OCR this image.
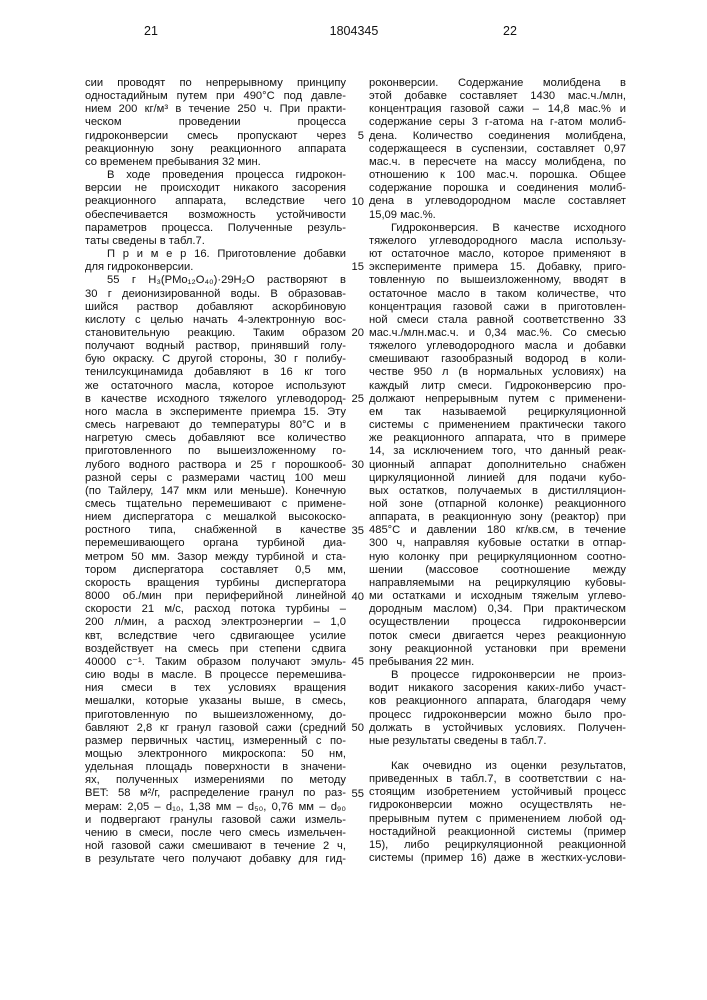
21	1804345	22
сии проводят по непрерывному принципу
одностадийным путем при 490°С под давле-
нием 200 кг/м³ в течение 250 ч. При практи-
ческом проведении процесса
гидроконверсии смесь пропускают через
реакционную зону реакционного аппарата
со временем пребывания 32 мин.
В ходе проведения процесса гидрокон-
версии не происходит никакого засорения
реакционного аппарата, вследствие чего
обеспечивается возможность устойчивости
параметров процесса. Полученные резуль-
таты сведены в табл.7.
П р и м е р 16. Приготовление добавки
для гидроконверсии.
55 г H₃(PMo₁₂O₄₀)·29H₂O растворяют в
30 г деионизированной воды. В образовав-
шийся раствор добавляют аскорбиновую
кислоту с целью начать 4-электронную вос-
становительную реакцию. Таким образом
получают водный раствор, принявший голу-
бую окраску. С другой стороны, 30 г полибу-
тенилсукцинамида добавляют в 16 кг того
же остаточного масла, которое используют
в качестве исходного тяжелого углеводород-
ного масла в эксперименте приемра 15. Эту
смесь нагревают до температуры 80°С и в
нагретую смесь добавляют все количество
приготовленного по вышеизложенному го-
лубого водного раствора и 25 г порошкооб-
разной серы с размерами частиц 100 меш
(по Тайлеру, 147 мкм или меньше). Конечную
смесь тщательно перемешивают с примене-
нием диспергатора с мешалкой высокоско-
ростного типа, снабженной в качестве
перемешивающего органа турбиной диа-
метром 50 мм. Зазор между турбиной и ста-
тором диспергатора составляет 0,5 мм,
скорость вращения турбины диспергатора
8000 об./мин при периферийной линейной
скорости 21 м/с, расход потока турбины –
200 л/мин, а расход электроэнергии – 1,0
квт, вследствие чего сдвигающее усилие
воздействует на смесь при степени сдвига
40000 с⁻¹. Таким образом получают эмуль-
сию воды в масле. В процессе перемешива-
ния смеси в тех условиях вращения
мешалки, которые указаны выше, в смесь,
приготовленную по вышеизложенному, до-
бавляют 2,8 кг гранул газовой сажи (средний
размер первичных частиц, измеренный с по-
мощью электронного микроскопа: 50 нм,
удельная площадь поверхности в значени-
ях, полученных измерениями по методу
BET: 58 м²/г, распределение гранул по раз-
мерам: 2,05 – d₁₀, 1,38 мм – d₅₀, 0,76 мм – d₉₀
и подвергают гранулы газовой сажи измель-
чению в смеси, после чего смесь измельчен-
ной газовой сажи смешивают в течение 2 ч,
в результате чего получают добавку для гид-
5
10
15
20
25
30
35
40
45
50
55
роконверсии. Содержание молибдена в
этой добавке составляет 1430 мас.ч./млн,
концентрация газовой сажи – 14,8 мас.% и
содержание серы 3 г-атома на г-атом молиб-
дена. Количество соединения молибдена,
содержащееся в суспензии, составляет 0,97
мас.ч. в пересчете на массу молибдена, по
отношению к 100 мас.ч. порошка. Общее
содержание порошка и соединения молиб-
дена в углеводородном масле составляет
15,09 мас.%.
Гидроконверсия. В качестве исходного
тяжелого углеводородного масла использу-
ют остаточное масло, которое применяют в
эксперименте примера 15. Добавку, приго-
товленную по вышеизложенному, вводят в
остаточное масло в таком количестве, что
концентрация газовой сажи в приготовлен-
ной смеси стала равной соответственно 33
мас.ч./млн.мас.ч. и 0,34 мас.%. Со смесью
тяжелого углеводородного масла и добавки
смешивают газообразный водород в коли-
честве 950 л (в нормальных условиях) на
каждый литр смеси. Гидроконверсию про-
должают непрерывным путем с применени-
ем так называемой рециркуляционной
системы с применением практически такого
же реакционного аппарата, что в примере
14, за исключением того, что данный реак-
ционный аппарат дополнительно снабжен
циркуляционной линией для подачи кубо-
вых остатков, получаемых в дистилляцион-
ной зоне (отпарной колонке) реакционного
аппарата, в реакционную зону (реактор) при
485°С и давлении 180 кг/кв.см, в течение
300 ч, направляя кубовые остатки в отпар-
ную колонку при рециркуляционном соотно-
шении (массовое соотношение между
направляемыми на рециркуляцию кубовы-
ми остатками и исходным тяжелым углево-
дородным маслом) 0,34. При практическом
осуществлении процесса гидроконверсии
поток смеси двигается через реакционную
зону реакционной установки при времени
пребывания 22 мин.
В процессе гидроконверсии не произ-
водит никакого засорения каких-либо участ-
ков реакционного аппарата, благодаря чему
процесс гидроконверсии можно было про-
должать в устойчивых условиях. Получен-
ные результаты сведены в табл.7.
Как очевидно из оценки результатов,
приведенных в табл.7, в соответствии с на-
стоящим изобретением устойчивый процесс
гидроконверсии можно осуществлять не-
прерывным путем с применением любой од-
ностадийной реакционной системы (пример
15), либо рециркуляционной реакционной
системы (пример 16) даже в жестких-услови-
